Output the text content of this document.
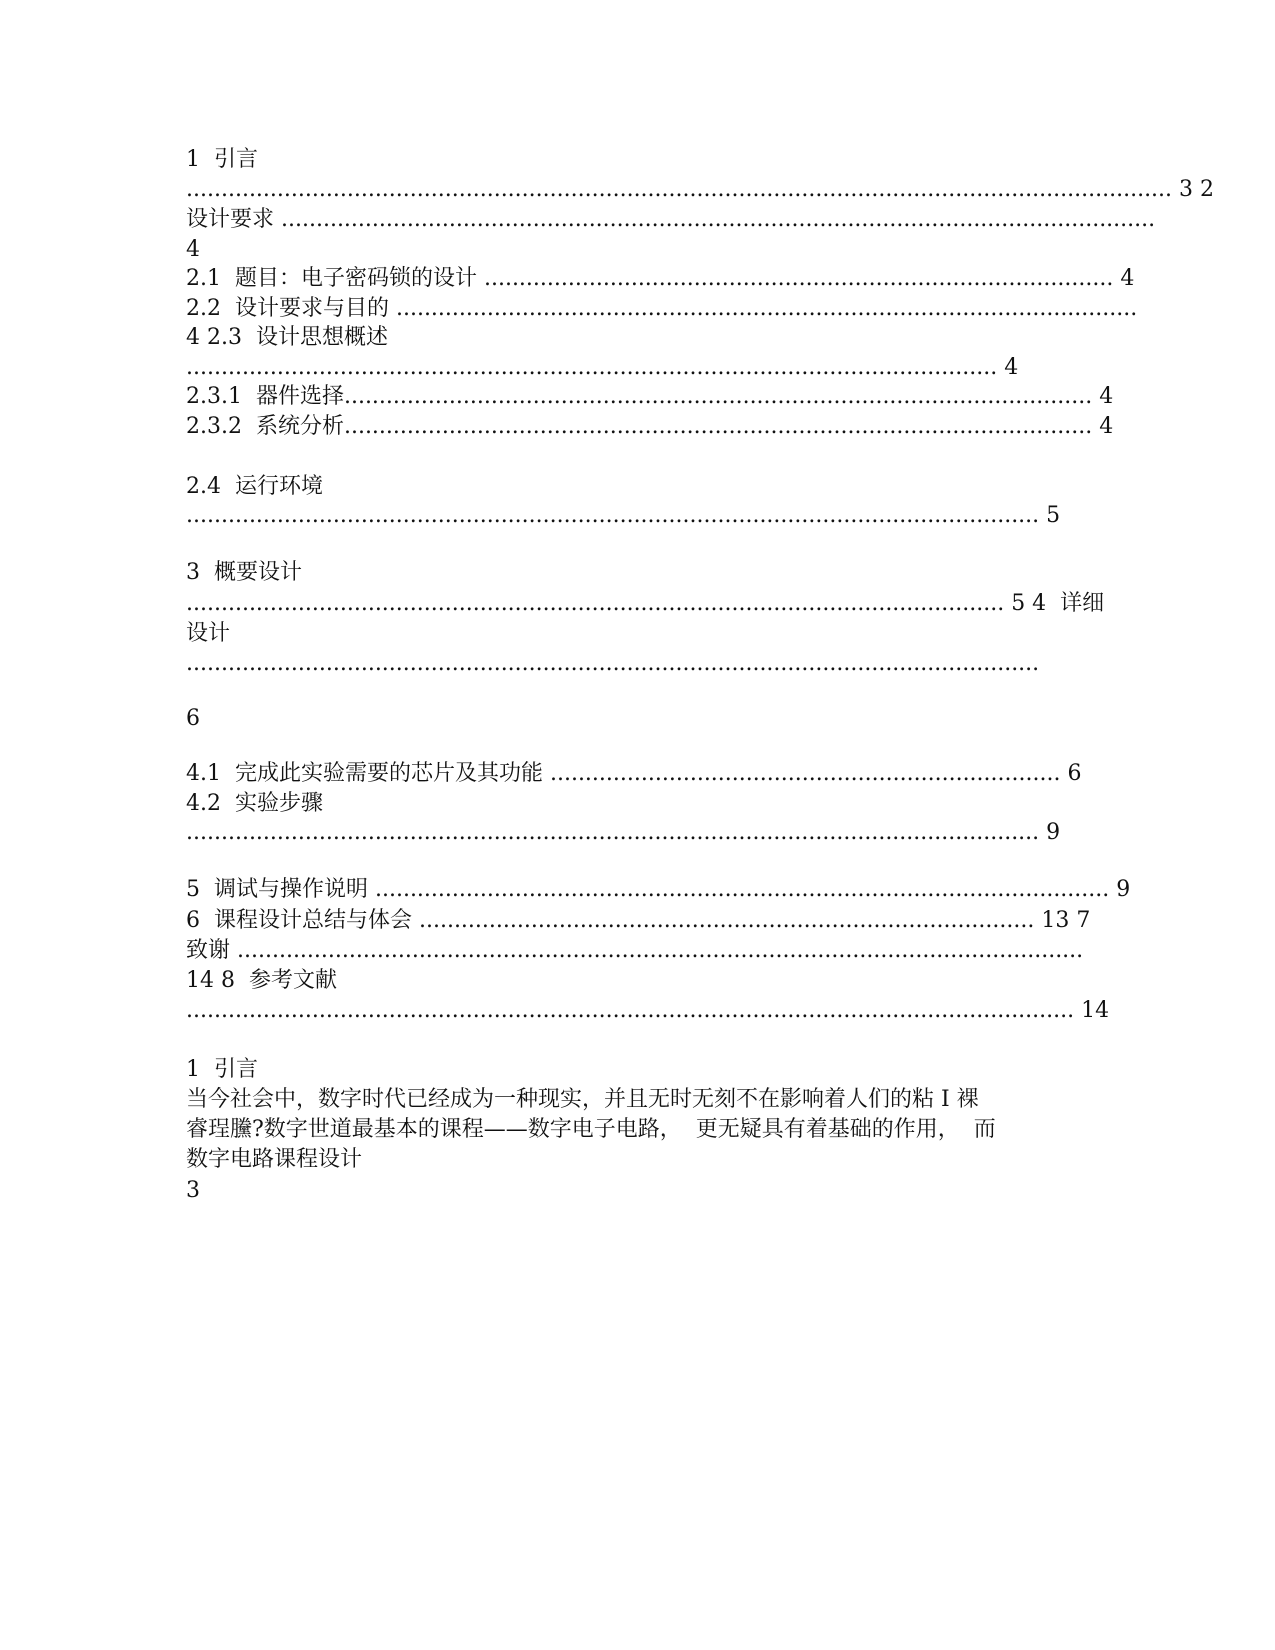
1  引言
............................................................................................................................................. 3 2
设计要求 .............................................................................................................................
4
2.1  题目：电子密码锁的设计 .......................................................................................... 4
2.2  设计要求与目的 ..........................................................................................................
4 2.3  设计思想概述
.................................................................................................................... 4
2.3.1  器件选择........................................................................................................... 4
2.3.2  系统分析........................................................................................................... 4
2.4  运行环境
.......................................................................................................................... 5
3  概要设计
..................................................................................................................... 5 4  详细
设计
..........................................................................................................................
6
4.1  完成此实验需要的芯片及其功能 ......................................................................... 6
4.2  实验步骤
.......................................................................................................................... 9
5  调试与操作说明 ......................................................................................................... 9
6  课程设计总结与体会 ........................................................................................ 13 7
致谢 .........................................................................................................................
14 8  参考文献
............................................................................................................................... 14
1  引言
当今社会中，数字时代已经成为一种现实，并且无时无刻不在影响着人们的粘 I 裸
睿珵黱?数字世道最基本的课程——数字电子电路，  更无疑具有着基础的作用，  而
数字电路课程设计
3
